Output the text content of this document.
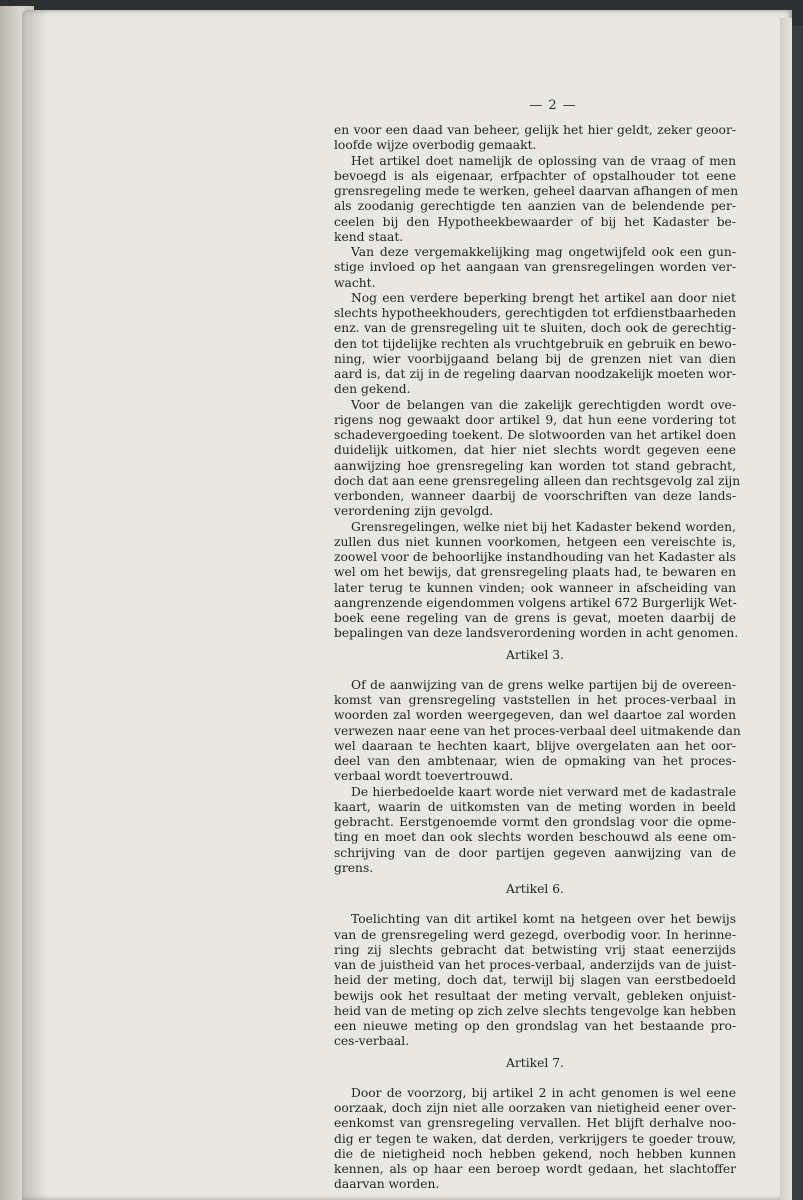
— 2 —
en voor een daad van beheer, gelijk het hier geldt, zeker geoor-
loofde wijze overbodig gemaakt.
Het artikel doet namelijk de oplossing van de vraag of men
bevoegd is als eigenaar, erfpachter of opstalhouder tot eene
grensregeling mede te werken, geheel daarvan afhangen of men
als zoodanig gerechtigde ten aanzien van de belendende per-
ceelen bij den Hypotheekbewaarder of bij het Kadaster be-
kend staat.
Van deze vergemakkelijking mag ongetwijfeld ook een gun-
stige invloed op het aangaan van grensregelingen worden ver-
wacht.
Nog een verdere beperking brengt het artikel aan door niet
slechts hypotheekhouders, gerechtigden tot erfdienstbaarheden
enz. van de grensregeling uit te sluiten, doch ook de gerechtig-
den tot tijdelijke rechten als vruchtgebruik en gebruik en bewo-
ning, wier voorbijgaand belang bij de grenzen niet van dien
aard is, dat zij in de regeling daarvan noodzakelijk moeten wor-
den gekend.
Voor de belangen van die zakelijk gerechtigden wordt ove-
rigens nog gewaakt door artikel 9, dat hun eene vordering tot
schadevergoeding toekent. De slotwoorden van het artikel doen
duidelijk uitkomen, dat hier niet slechts wordt gegeven eene
aanwijzing hoe grensregeling kan worden tot stand gebracht,
doch dat aan eene grensregeling alleen dan rechtsgevolg zal zijn
verbonden, wanneer daarbij de voorschriften van deze lands-
verordening zijn gevolgd.
Grensregelingen, welke niet bij het Kadaster bekend worden,
zullen dus niet kunnen voorkomen, hetgeen een vereischte is,
zoowel voor de behoorlijke instandhouding van het Kadaster als
wel om het bewijs, dat grensregeling plaats had, te bewaren en
later terug te kunnen vinden; ook wanneer in afscheiding van
aangrenzende eigendommen volgens artikel 672 Burgerlijk Wet-
boek eene regeling van de grens is gevat, moeten daarbij de
bepalingen van deze landsverordening worden in acht genomen.
Artikel 3.
Of de aanwijzing van de grens welke partijen bij de overeen-
komst van grensregeling vaststellen in het proces-verbaal in
woorden zal worden weergegeven, dan wel daartoe zal worden
verwezen naar eene van het proces-verbaal deel uitmakende dan
wel daaraan te hechten kaart, blijve overgelaten aan het oor-
deel van den ambtenaar, wien de opmaking van het proces-
verbaal wordt toevertrouwd.
De hierbedoelde kaart worde niet verward met de kadastrale
kaart, waarin de uitkomsten van de meting worden in beeld
gebracht. Eerstgenoemde vormt den grondslag voor die opme-
ting en moet dan ook slechts worden beschouwd als eene om-
schrijving van de door partijen gegeven aanwijzing van de
grens.
Artikel 6.
Toelichting van dit artikel komt na hetgeen over het bewijs
van de grensregeling werd gezegd, overbodig voor. In herinne-
ring zij slechts gebracht dat betwisting vrij staat eenerzijds
van de juistheid van het proces-verbaal, anderzijds van de juist-
heid der meting, doch dat, terwijl bij slagen van eerstbedoeld
bewijs ook het resultaat der meting vervalt, gebleken onjuist-
heid van de meting op zich zelve slechts tengevolge kan hebben
een nieuwe meting op den grondslag van het bestaande pro-
ces-verbaal.
Artikel 7.
Door de voorzorg, bij artikel 2 in acht genomen is wel eene
oorzaak, doch zijn niet alle oorzaken van nietigheid eener over-
eenkomst van grensregeling vervallen. Het blijft derhalve noo-
dig er tegen te waken, dat derden, verkrijgers te goeder trouw,
die de nietigheid noch hebben gekend, noch hebben kunnen
kennen, als op haar een beroep wordt gedaan, het slachtoffer
daarvan worden.
